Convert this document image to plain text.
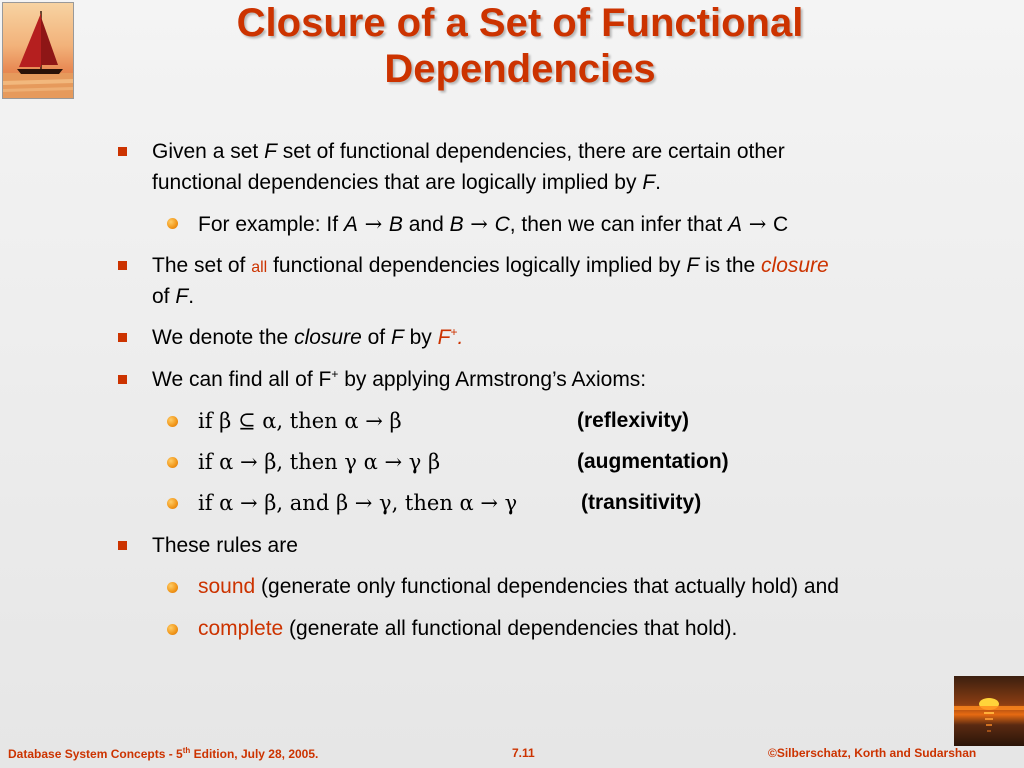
Closure of a Set of Functional
Dependencies
Given a set F set of functional dependencies, there are certain other
functional dependencies that are logically implied by F.
For example: If A → B and B → C, then we can infer that A → C
The set of all functional dependencies logically implied by F is the closure
of F.
We denote the closure of F by F+.
We can find all of F+ by applying Armstrong’s Axioms:
if β ⊆ α, then α → β	(reflexivity)
if α → β, then γ α → γ β	(augmentation)
if α → β, and β → γ, then α → γ	(transitivity)
These rules are
sound (generate only functional dependencies that actually hold) and
complete (generate all functional dependencies that hold).
Database System Concepts - 5th Edition, July 28, 2005.	7.11	©Silberschatz, Korth and Sudarshan
